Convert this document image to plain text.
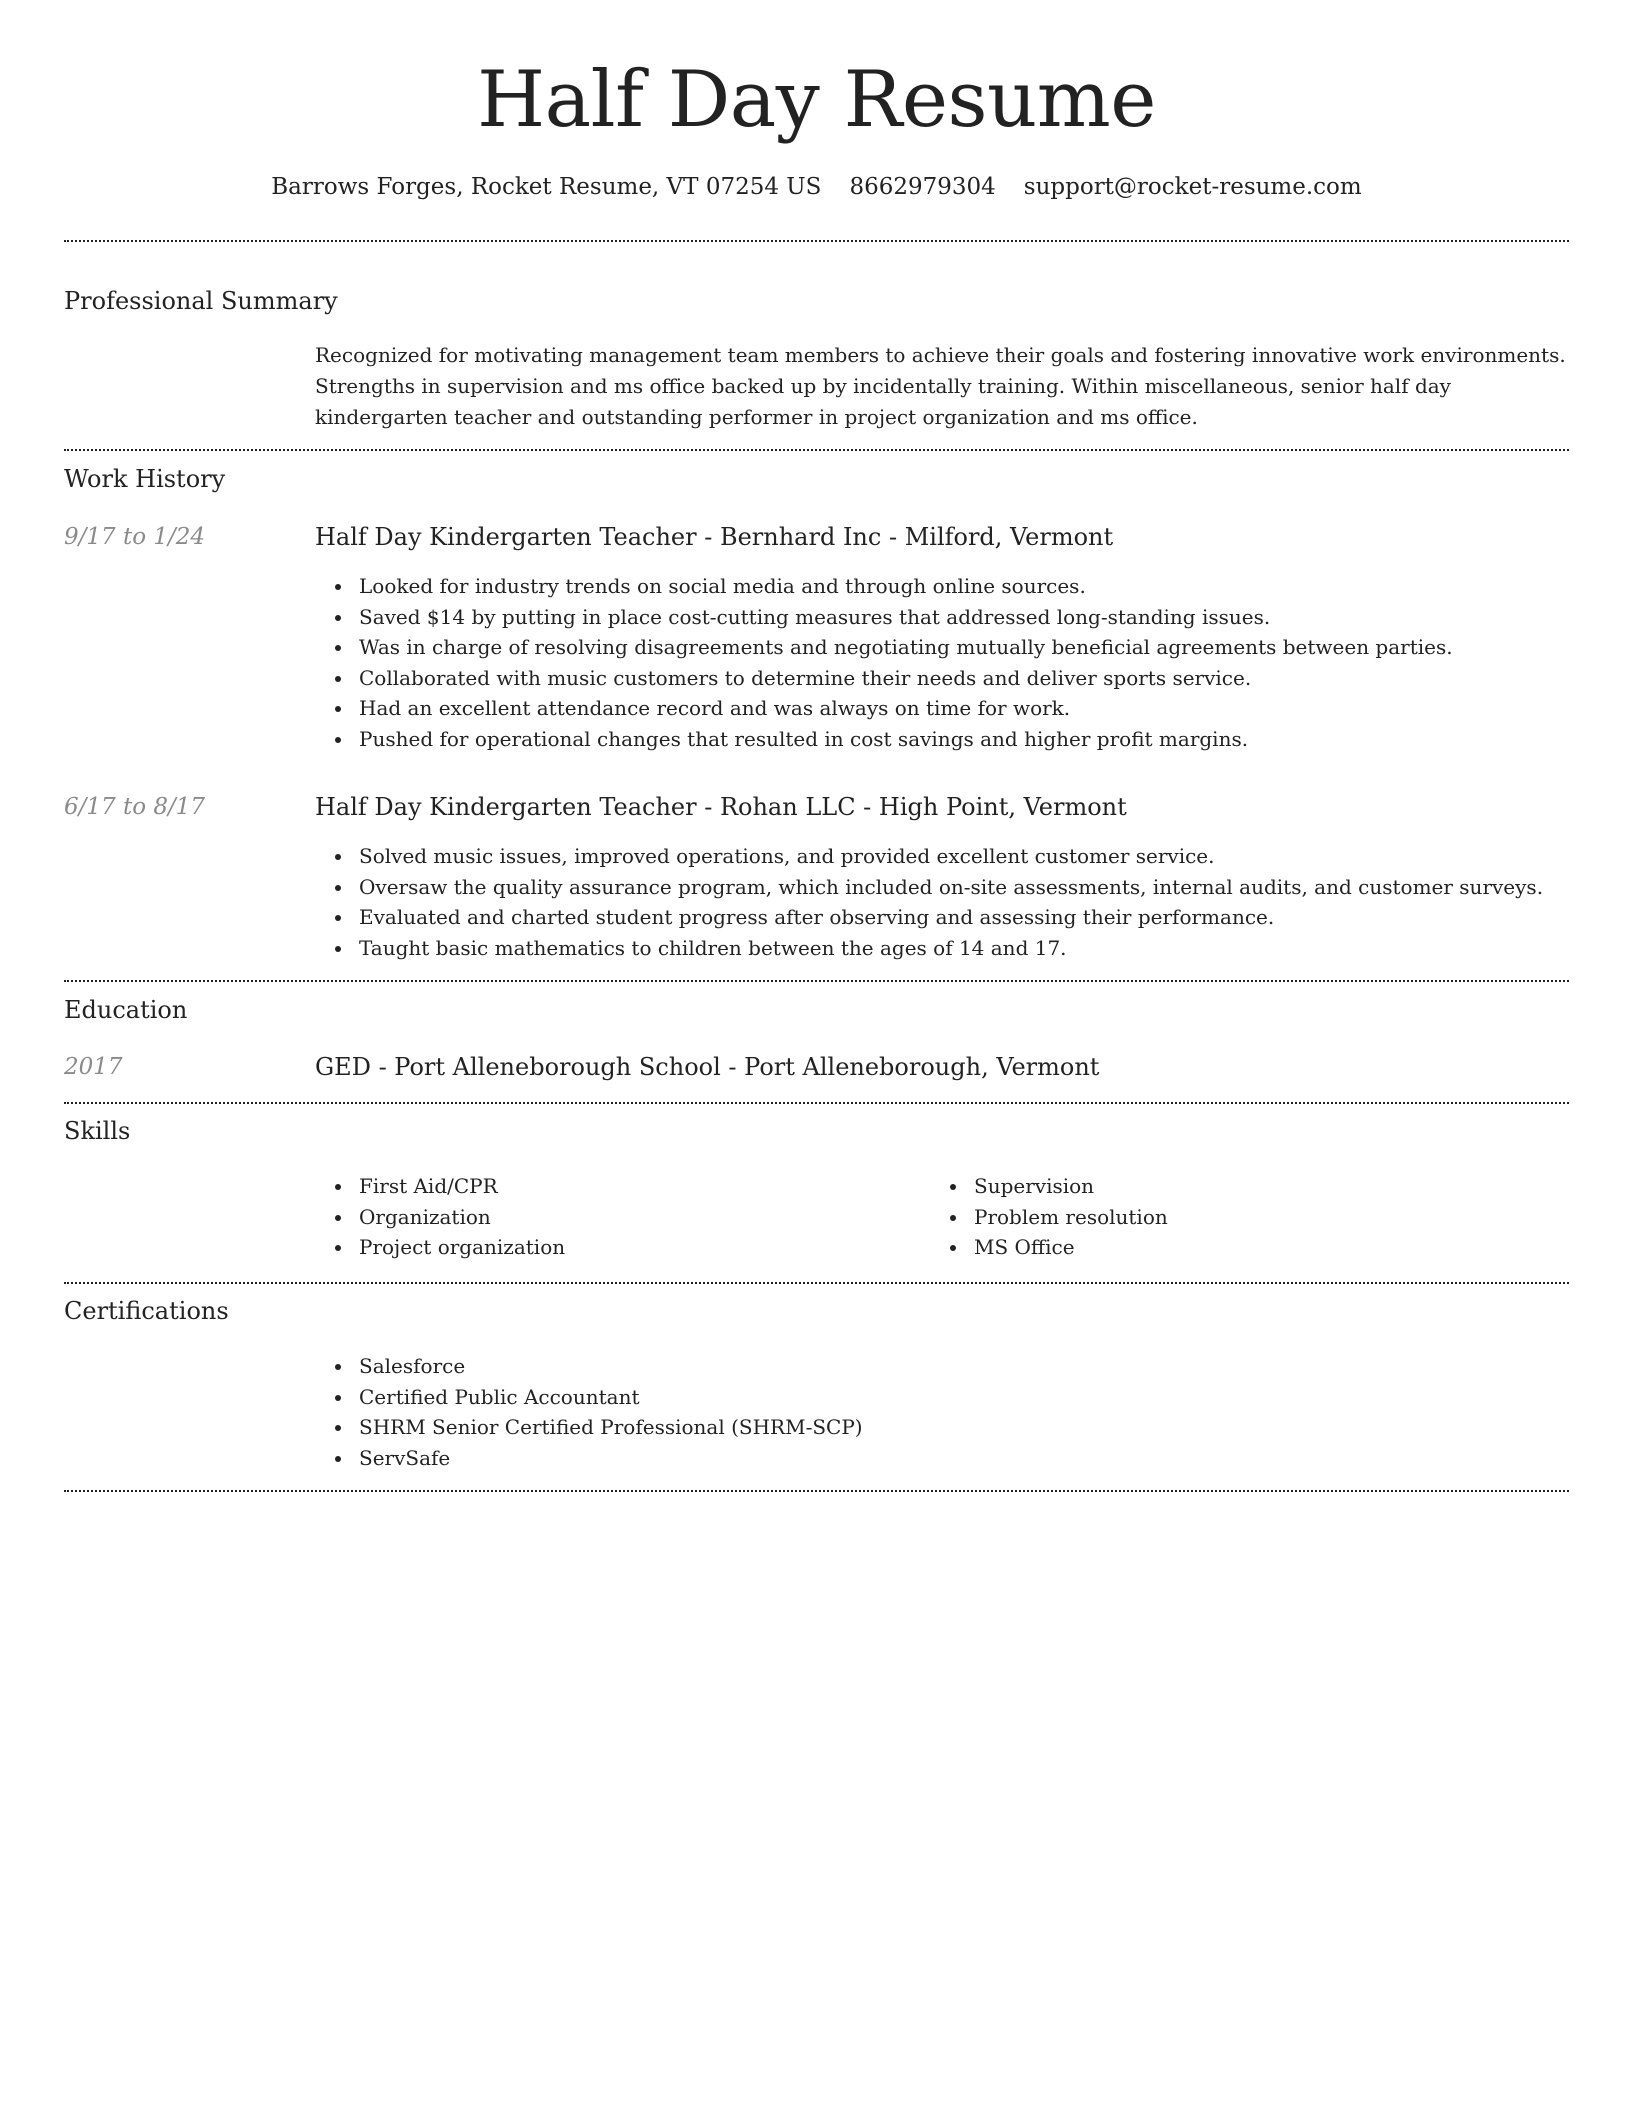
Half Day Resume
Barrows Forges, Rocket Resume, VT 07254 US 8662979304 support@rocket-resume.com
Professional Summary

Recognized for motivating management team members to achieve their goals and fostering innovative work environments. Strengths in supervision and ms office backed up by incidentally training. Within miscellaneous, senior half day kindergarten teacher and outstanding performer in project organization and ms office.

Work History
9/17 to 1/24	Half Day Kindergarten Teacher - Bernhard Inc - Milford, Vermont
Looked for industry trends on social media and through online sources.
Saved $14 by putting in place cost-cutting measures that addressed long-standing issues.
Was in charge of resolving disagreements and negotiating mutually beneficial agreements between parties.
Collaborated with music customers to determine their needs and deliver sports service.
Had an excellent attendance record and was always on time for work.
Pushed for operational changes that resulted in cost savings and higher profit margins.
6/17 to 8/17	Half Day Kindergarten Teacher - Rohan LLC - High Point, Vermont
Solved music issues, improved operations, and provided excellent customer service.
Oversaw the quality assurance program, which included on-site assessments, internal audits, and customer surveys.
Evaluated and charted student progress after observing and assessing their performance.
Taught basic mathematics to children between the ages of 14 and 17.
Education
2017	GED - Port Alleneborough School - Port Alleneborough, Vermont
Skills
First Aid/CPR
Organization
Project organization
Supervision
Problem resolution
MS Office
Certifications
Salesforce
Certified Public Accountant
SHRM Senior Certified Professional (SHRM-SCP)
ServSafe
